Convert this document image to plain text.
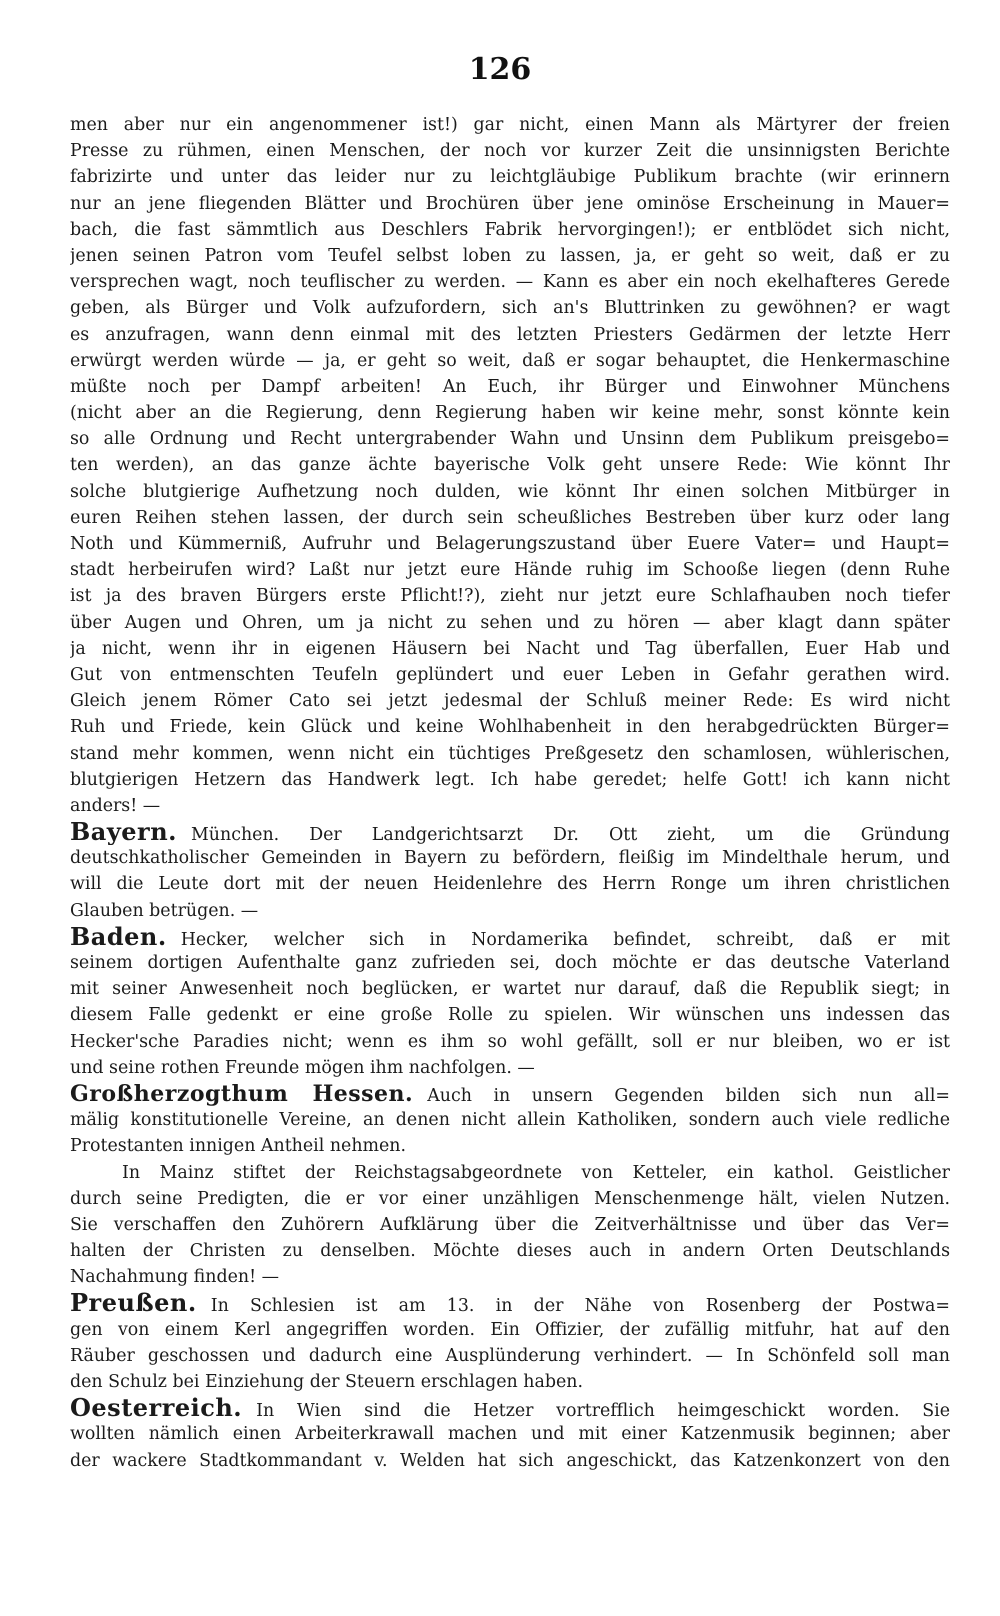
126
men aber nur ein angenommener ist!) gar nicht, einen Mann als Märtyrer der freien
Presse zu rühmen, einen Menschen, der noch vor kurzer Zeit die unsinnigsten Berichte
fabrizirte und unter das leider nur zu leichtgläubige Publikum brachte (wir erinnern
nur an jene fliegenden Blätter und Brochüren über jene ominöse Erscheinung in Mauer=
bach, die fast sämmtlich aus Deschlers Fabrik hervorgingen!); er entblödet sich nicht,
jenen seinen Patron vom Teufel selbst loben zu lassen, ja, er geht so weit, daß er zu
versprechen wagt, noch teuflischer zu werden. — Kann es aber ein noch ekelhafteres Gerede
geben, als Bürger und Volk aufzufordern, sich an's Bluttrinken zu gewöhnen? er wagt
es anzufragen, wann denn einmal mit des letzten Priesters Gedärmen der letzte Herr
erwürgt werden würde — ja, er geht so weit, daß er sogar behauptet, die Henkermaschine
müßte noch per Dampf arbeiten! An Euch, ihr Bürger und Einwohner Münchens
(nicht aber an die Regierung, denn Regierung haben wir keine mehr, sonst könnte kein
so alle Ordnung und Recht untergrabender Wahn und Unsinn dem Publikum preisgebo=
ten werden), an das ganze ächte bayerische Volk geht unsere Rede: Wie könnt Ihr
solche blutgierige Aufhetzung noch dulden, wie könnt Ihr einen solchen Mitbürger in
euren Reihen stehen lassen, der durch sein scheußliches Bestreben über kurz oder lang
Noth und Kümmerniß, Aufruhr und Belagerungszustand über Euere Vater= und Haupt=
stadt herbeirufen wird? Laßt nur jetzt eure Hände ruhig im Schooße liegen (denn Ruhe
ist ja des braven Bürgers erste Pflicht!?), zieht nur jetzt eure Schlafhauben noch tiefer
über Augen und Ohren, um ja nicht zu sehen und zu hören — aber klagt dann später
ja nicht, wenn ihr in eigenen Häusern bei Nacht und Tag überfallen, Euer Hab und
Gut von entmenschten Teufeln geplündert und euer Leben in Gefahr gerathen wird.
Gleich jenem Römer Cato sei jetzt jedesmal der Schluß meiner Rede: Es wird nicht
Ruh und Friede, kein Glück und keine Wohlhabenheit in den herabgedrückten Bürger=
stand mehr kommen, wenn nicht ein tüchtiges Preßgesetz den schamlosen, wühlerischen,
blutgierigen Hetzern das Handwerk legt. Ich habe geredet; helfe Gott! ich kann nicht
anders! —
Bayern. München. Der Landgerichtsarzt Dr. Ott zieht, um die Gründung
deutschkatholischer Gemeinden in Bayern zu befördern, fleißig im Mindelthale herum, und
will die Leute dort mit der neuen Heidenlehre des Herrn Ronge um ihren christlichen
Glauben betrügen. —
Baden. Hecker, welcher sich in Nordamerika befindet, schreibt, daß er mit
seinem dortigen Aufenthalte ganz zufrieden sei, doch möchte er das deutsche Vaterland
mit seiner Anwesenheit noch beglücken, er wartet nur darauf, daß die Republik siegt; in
diesem Falle gedenkt er eine große Rolle zu spielen. Wir wünschen uns indessen das
Hecker'sche Paradies nicht; wenn es ihm so wohl gefällt, soll er nur bleiben, wo er ist
und seine rothen Freunde mögen ihm nachfolgen. —
Großherzogthum Hessen. Auch in unsern Gegenden bilden sich nun all=
mälig konstitutionelle Vereine, an denen nicht allein Katholiken, sondern auch viele redliche
Protestanten innigen Antheil nehmen.
In Mainz stiftet der Reichstagsabgeordnete von Ketteler, ein kathol. Geistlicher
durch seine Predigten, die er vor einer unzähligen Menschenmenge hält, vielen Nutzen.
Sie verschaffen den Zuhörern Aufklärung über die Zeitverhältnisse und über das Ver=
halten der Christen zu denselben. Möchte dieses auch in andern Orten Deutschlands
Nachahmung finden! —
Preußen. In Schlesien ist am 13. in der Nähe von Rosenberg der Postwa=
gen von einem Kerl angegriffen worden. Ein Offizier, der zufällig mitfuhr, hat auf den
Räuber geschossen und dadurch eine Ausplünderung verhindert. — In Schönfeld soll man
den Schulz bei Einziehung der Steuern erschlagen haben.
Oesterreich. In Wien sind die Hetzer vortrefflich heimgeschickt worden. Sie
wollten nämlich einen Arbeiterkrawall machen und mit einer Katzenmusik beginnen; aber
der wackere Stadtkommandant v. Welden hat sich angeschickt, das Katzenkonzert von den
